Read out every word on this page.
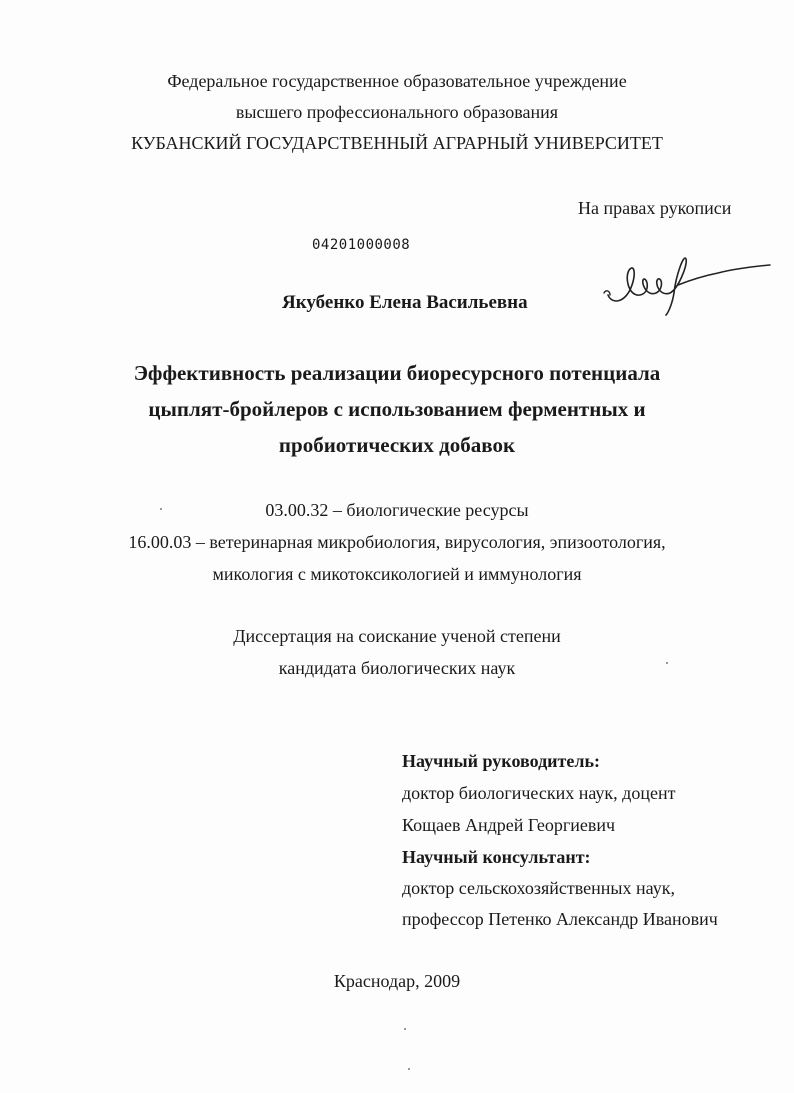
Федеральное государственное образовательное учреждение
высшего профессионального образования
КУБАНСКИЙ ГОСУДАРСТВЕННЫЙ АГРАРНЫЙ УНИВЕРСИТЕТ
На правах рукописи
04201000008
Якубенко Елена Васильевна
Эффективность реализации биоресурсного потенциала
цыплят-бройлеров с использованием ферментных и
пробиотических добавок
03.00.32 – биологические ресурсы
16.00.03 – ветеринарная микробиология, вирусология, эпизоотология,
микология с микотоксикологией и иммунология
Диссертация на соискание ученой степени
кандидата биологических наук
Научный руководитель:
доктор биологических наук, доцент
Кощаев Андрей Георгиевич
Научный консультант:
доктор сельскохозяйственных наук,
профессор Петенко Александр Иванович
Краснодар, 2009
